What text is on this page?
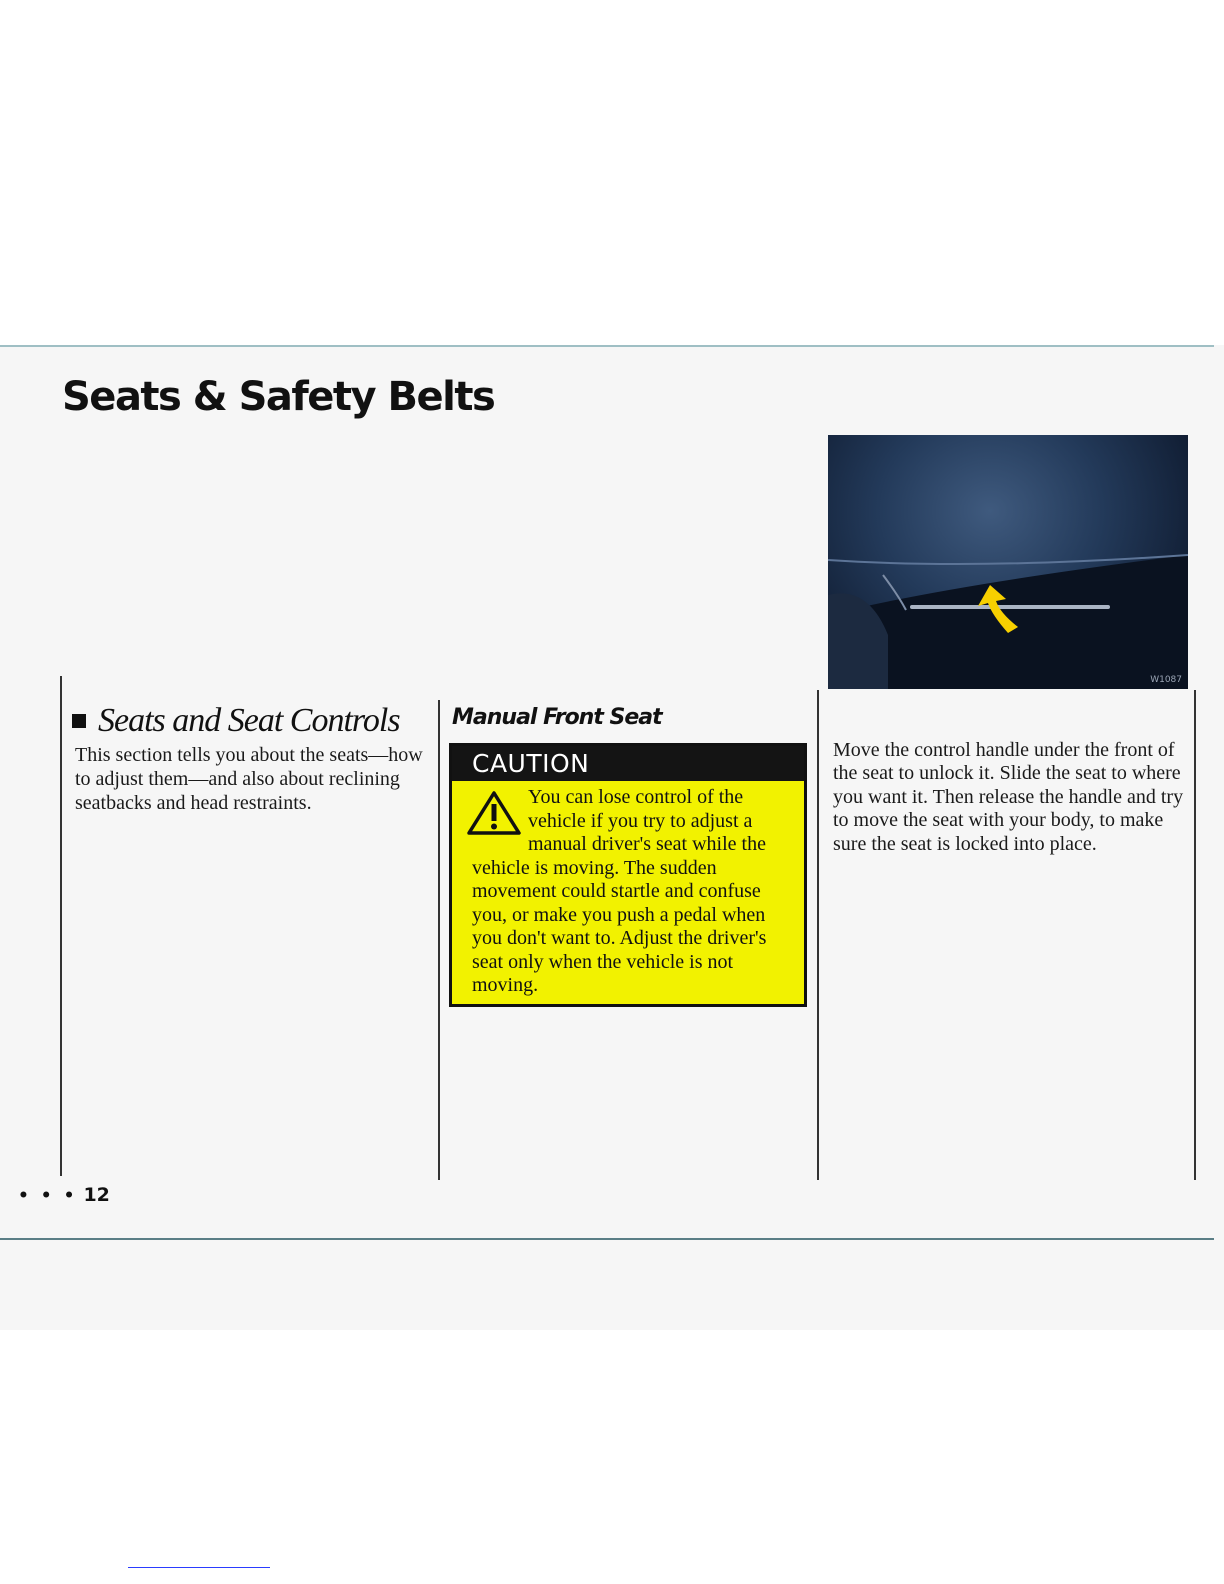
Seats & Safety Belts
W1087
Seats and Seat Controls

This section tells you about the seats—how to adjust them—and also about reclining seatbacks and head restraints.

Manual Front Seat
CAUTION

You can lose control of the vehicle if you try to adjust a manual driver's seat while the vehicle is moving. The sudden movement could startle and confuse you, or make you push a pedal when you don't want to. Adjust the driver's seat only when the vehicle is not moving.

Move the control handle under the front of the seat to unlock it. Slide the seat to where you want it. Then release the handle and try to move the seat with your body, to make sure the seat is locked into place.

• • • 12
